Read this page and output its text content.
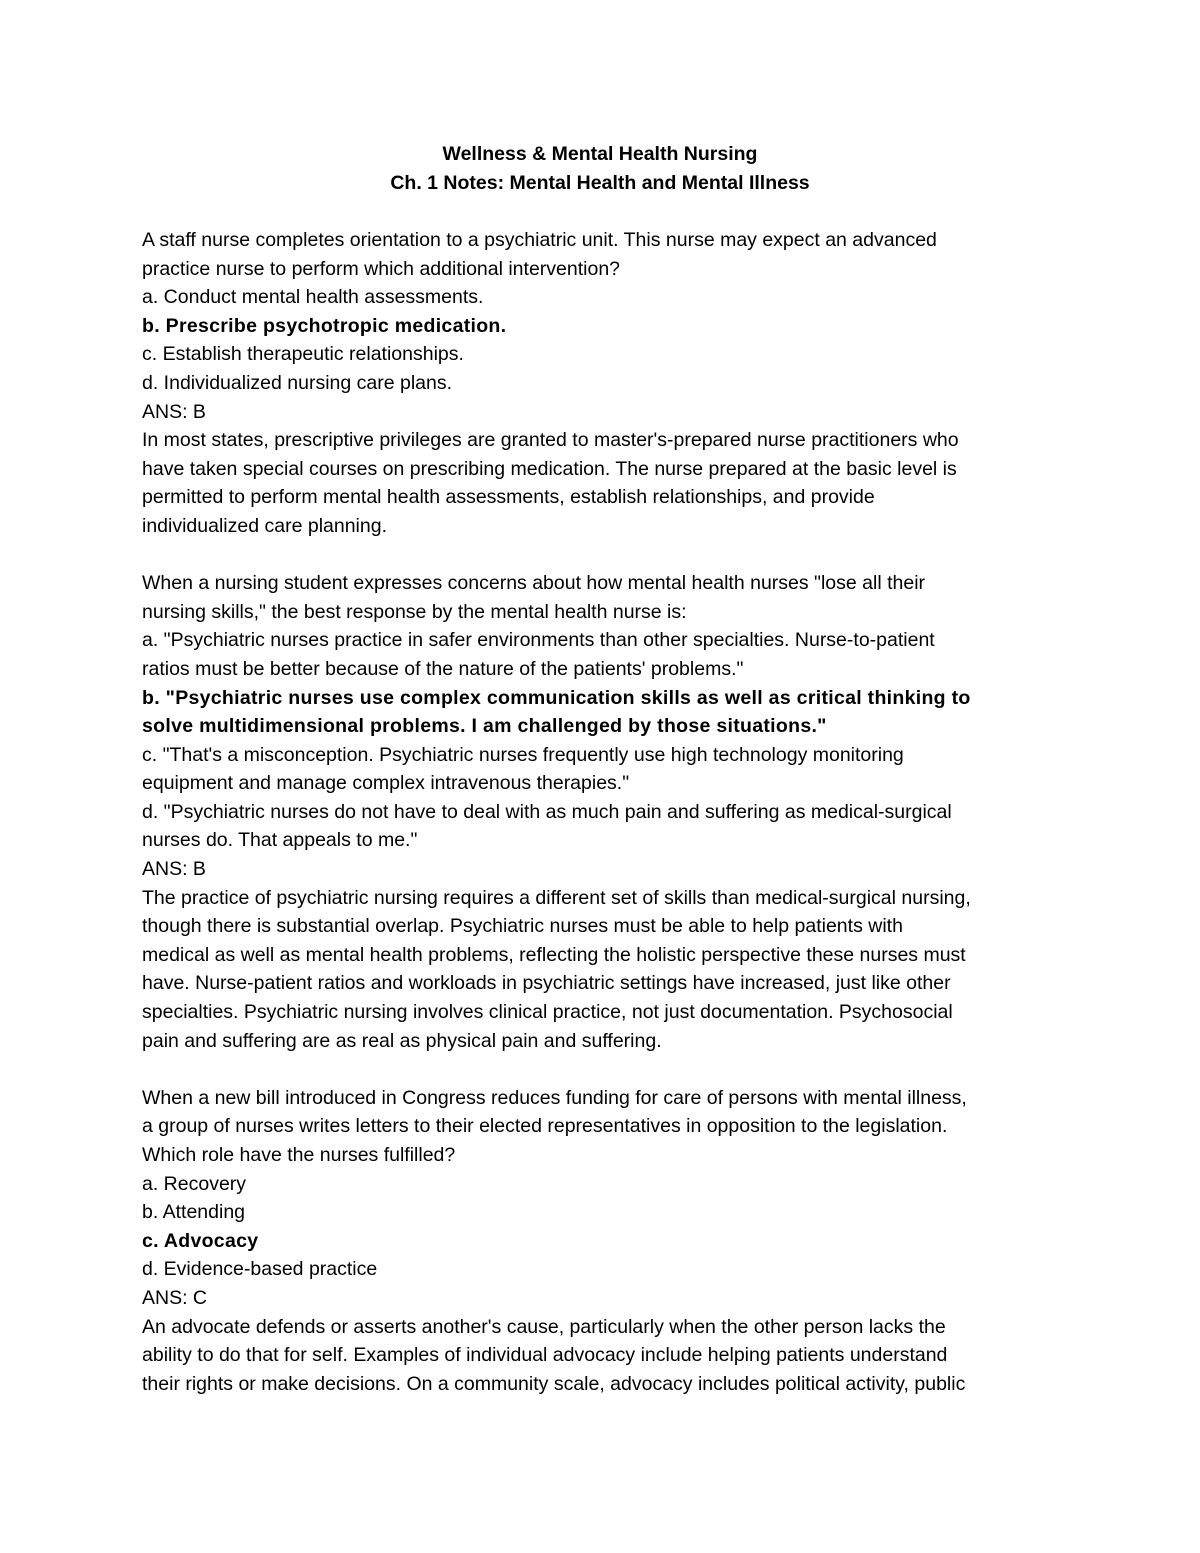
Wellness & Mental Health Nursing
Ch. 1 Notes: Mental Health and Mental Illness
A staff nurse completes orientation to a psychiatric unit. This nurse may expect an advanced
practice nurse to perform which additional intervention?
a. Conduct mental health assessments.
b. Prescribe psychotropic medication.
c. Establish therapeutic relationships.
d. Individualized nursing care plans.
ANS: B
In most states, prescriptive privileges are granted to master's-prepared nurse practitioners who
have taken special courses on prescribing medication. The nurse prepared at the basic level is
permitted to perform mental health assessments, establish relationships, and provide
individualized care planning.
When a nursing student expresses concerns about how mental health nurses "lose all their
nursing skills," the best response by the mental health nurse is:
a. "Psychiatric nurses practice in safer environments than other specialties. Nurse-to-patient
ratios must be better because of the nature of the patients' problems."
b. "Psychiatric nurses use complex communication skills as well as critical thinking to
solve multidimensional problems. I am challenged by those situations."
c. "That's a misconception. Psychiatric nurses frequently use high technology monitoring
equipment and manage complex intravenous therapies."
d. "Psychiatric nurses do not have to deal with as much pain and suffering as medical-surgical
nurses do. That appeals to me."
ANS: B
The practice of psychiatric nursing requires a different set of skills than medical-surgical nursing,
though there is substantial overlap. Psychiatric nurses must be able to help patients with
medical as well as mental health problems, reflecting the holistic perspective these nurses must
have. Nurse-patient ratios and workloads in psychiatric settings have increased, just like other
specialties. Psychiatric nursing involves clinical practice, not just documentation. Psychosocial
pain and suffering are as real as physical pain and suffering.
When a new bill introduced in Congress reduces funding for care of persons with mental illness,
a group of nurses writes letters to their elected representatives in opposition to the legislation.
Which role have the nurses fulfilled?
a. Recovery
b. Attending
c. Advocacy
d. Evidence-based practice
ANS: C
An advocate defends or asserts another's cause, particularly when the other person lacks the
ability to do that for self. Examples of individual advocacy include helping patients understand
their rights or make decisions. On a community scale, advocacy includes political activity, public
